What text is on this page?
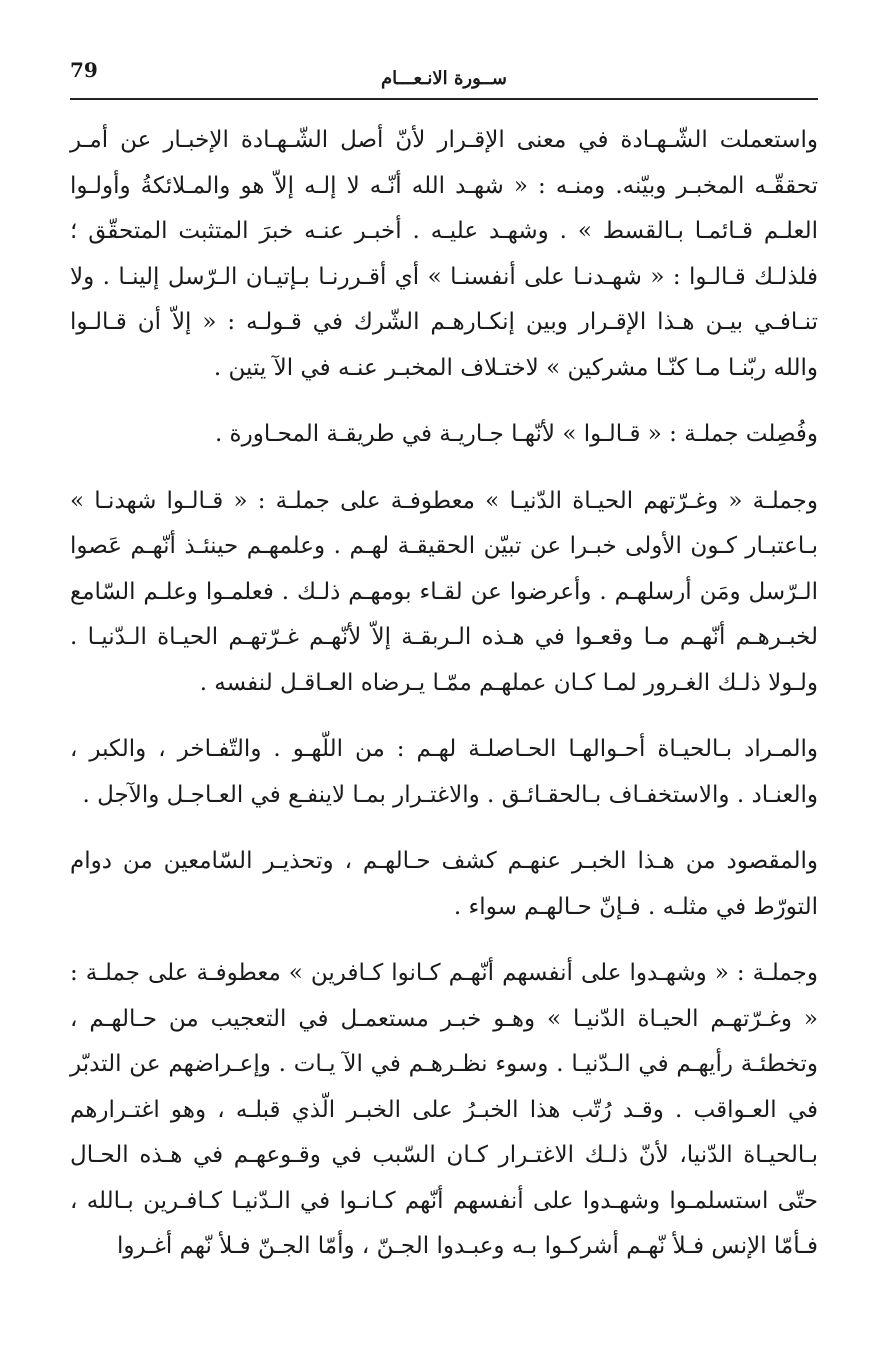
79	ســورة الانـعـــام

واستعملت الشّـهـادة في معنى الإقـرار لأنّ أصل الشّـهـادة الإخبـار عن أمـر تحققّـه المخبـر وبيّنه. ومنـه : « شهـد الله أنّـه لا إلـه إلاّ هو والمـلائكةُ وأولـوا العلـم قـائمـا بـالقسط » . وشهـد عليـه . أخبـر عنـه خبرَ المتثبت المتحقّق ؛ فلذلـك قـالـوا : « شهـدنـا على أنفسنـا » أي أقـررنـا بـإتيـان الـرّسل إلينـا . ولا تنـافـي بيـن هـذا الإقـرار وبين إنكـارهـم الشّرك في قـولـه : « إلاّ أن قـالـوا والله ربّنـا مـا كنّـا مشركين » لاختـلاف المخبـر عنـه في الآ يتين .

وفُصِلت جملـة : « قـالـوا » لأنّهـا جـاريـة في طريقـة المحـاورة .

وجملـة « وغـرّتهم الحيـاة الدّنيـا » معطوفـة على جملـة : « قـالـوا شهدنـا » بـاعتبـار كـون الأولى خبـرا عن تبيّن الحقيقـة لهـم . وعلمهـم حينئـذ أنّهـم عَصوا الـرّسل ومَن أرسلهـم . وأعرضوا عن لقـاء بومهـم ذلـك . فعلمـوا وعلـم السّامع لخبـرهـم أنّهـم مـا وقعـوا في هـذه الـربقـة إلاّ لأنّهـم غـرّتهـم الحيـاة الـدّنيـا . ولـولا ذلـك الغـرور لمـا كـان عملهـم ممّـا يـرضاه العـاقـل لنفسه .

والمـراد بـالحيـاة أحـوالهـا الحـاصلـة لهـم : من اللّهـو . والتّفـاخر ، والكبر ، والعنـاد . والاستخفـاف بـالحقـائـق . والاغتـرار بمـا لاينفـع في العـاجـل والآجل .

والمقصود من هـذا الخبـر عنهـم كشف حـالهـم ، وتحذيـر السّامعين من دوام التورّط في مثلـه . فـإنّ حـالهـم سواء .

وجملـة : « وشهـدوا على أنفسهم أنّهـم كـانوا كـافرين » معطوفـة على جملـة : « وغـرّتهـم الحيـاة الدّنيـا » وهـو خبـر مستعمـل في التعجيب من حـالهـم ، وتخطئـة رأيهـم في الـدّنيـا . وسوء نظـرهـم في الآ يـات . وإعـراضهم عن التدبّر في العـواقب . وقـد رُتّب هذا الخبـرُ على الخبـر الّذي قبلـه ، وهو اغتـرارهم بـالحيـاة الدّنيا، لأنّ ذلـك الاغتـرار كـان السّبب في وقـوعهـم في هـذه الحـال حتّى استسلمـوا وشهـدوا على أنفسهم أنّهم كـانـوا في الـدّنيـا كـافـرين بـالله ، فـأمّا الإنس فـلأ نّهـم أشركـوا بـه وعبـدوا الجـنّ ، وأمّا الجـنّ فـلأ نّهم أغـروا
